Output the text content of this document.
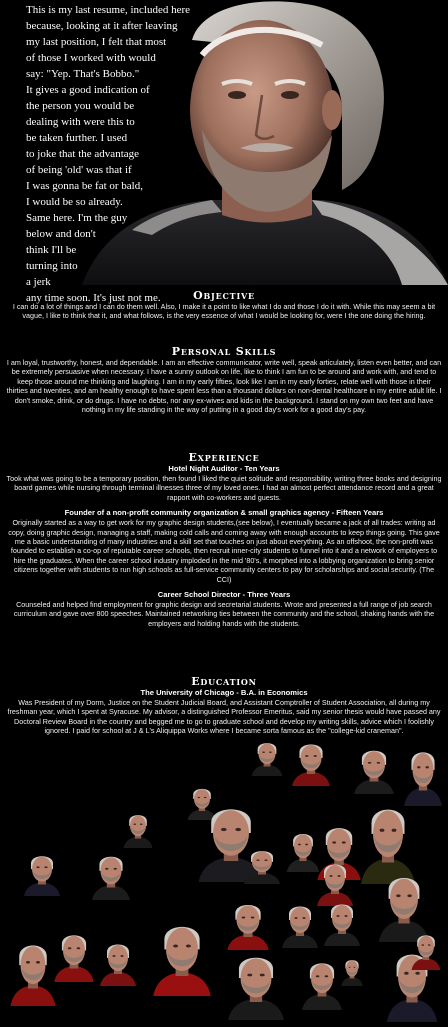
This is my last resume, included here
because, looking at it after leaving
my last position, I felt that most
of those I worked with would
say: "Yep. That's Bobbo."
It gives a good indication of
the person you would be
dealing with were this to
be taken further. I used
to joke that the advantage
of being 'old' was that if
I was gonna be fat or bald,
I would be so already.
Same here. I'm the guy
below and don't
think I'll be
turning into
a jerk
any time soon. It's just not me.	Objective
I can do a lot of things and I can do them well. Also, I make it a point to like what I do and those I do it with. While this may seem a bit vague, I like to think that it, and what follows, is the very essence of what I would be looking for, were I the one doing the hiring.
Personal Skills
I am loyal, trustworthy, honest, and dependable. I am an effective communicator, write well, speak articulately, listen even better, and can be extremely persuasive when necessary. I have a sunny outlook on life, like to think I am fun to be around and work with, and tend to keep those around me thinking and laughing. I am in my early fifties, look like I am in my early forties, relate well with those in their thirties and twenties, and am healthy enough to have spent less than a thousand dollars on non-dental healthcare in my entire adult life. I don't smoke, drink, or do drugs. I have no debts, nor any ex-wives and kids in the background. I stand on my own two feet and have nothing in my life standing in the way of putting in a good day's work for a good day's pay.
Experience
Hotel Night Auditor - Ten Years
Took what was going to be a temporary position, then found I liked the quiet solitude and responsibility, writing three books and designing board games while nursing through terminal illnesses three of my loved ones. I had an almost perfect attendance record and a great rapport with co-workers and guests.
Founder of a non-profit community organization & small graphics agency - Fifteen Years
Originally started as a way to get work for my graphic design students,(see below), I eventually became a jack of all trades: writing ad copy, doing graphic design, managing a staff, making cold calls and coming away with enough accounts to keep things going. This gave me a basic understanding of many industries and a skill set that touches on just about everything. As an offshoot, the non-profit was founded to establish a co-op of reputable career schools, then recruit inner-city students to funnel into it and a network of employers to hire the graduates. When the career school industry imploded in the mid '80's, it morphed into a lobbying organization to bring senior citizens together with students to run high schools as full-service community centers to pay for scholarships and social security. (The CCI)
Career School Director - Three Years
Counseled and helped find employment for graphic design and secretarial students. Wrote and presented a full range of job search curriculum and gave over 800 speeches. Maintained networking ties between the community and the school, shaking hands with the employers and holding hands with the students.
Education
The University of Chicago - B.A. in Economics
Was President of my Dorm, Justice on the Student Judicial Board, and Assistant Comptroller of Student Association, all during my freshman year, which I spent at Syracuse. My advisor, a distinguished Professor Emeritus, said my senior thesis would have passed any Doctoral Review Board in the country and begged me to go to graduate school and develop my writing skills, advice which I foolishly ignored. I paid for school at J & L's Aliquippa Works where I became sorta famous as the "college-kid craneman".
